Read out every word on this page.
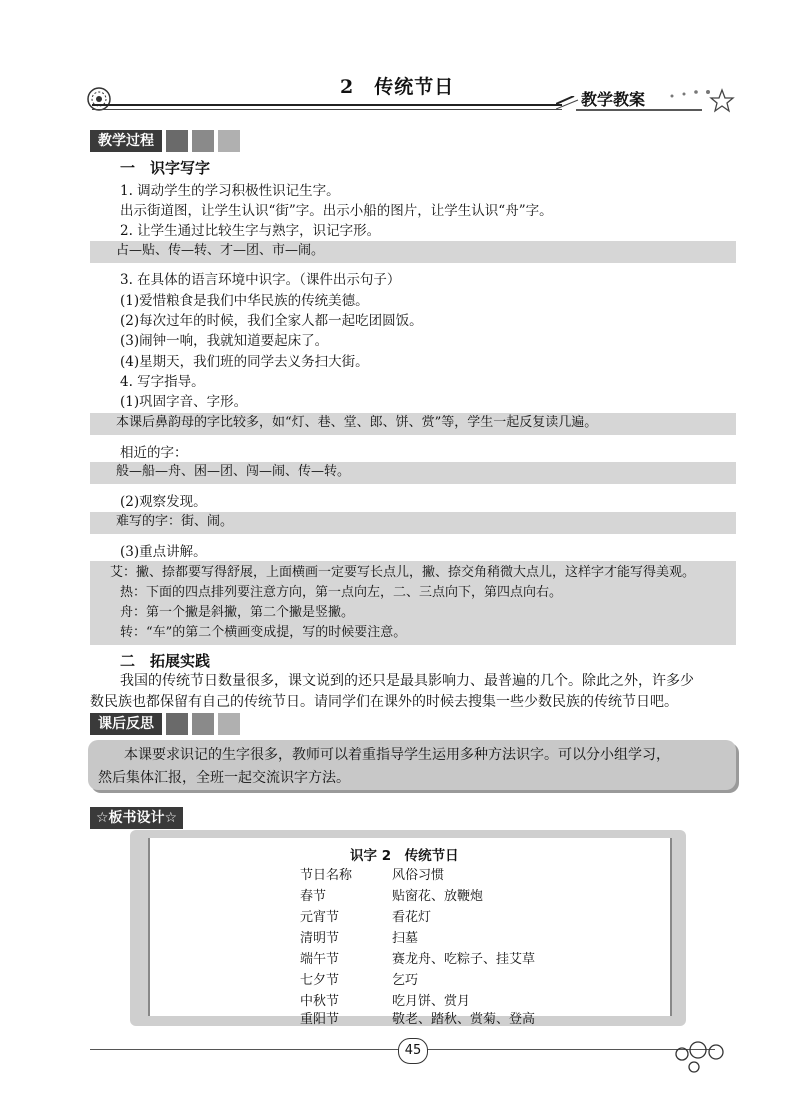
2　传统节日
教学教案
教学过程
一　识字写字
1. 调动学生的学习积极性识记生字。
出示街道图，让学生认识“街”字。出示小船的图片，让学生认识“舟”字。
2. 让学生通过比较生字与熟字，识记字形。
占—贴、传—转、才—团、市—闹。
3. 在具体的语言环境中识字。（课件出示句子）
(1)爱惜粮食是我们中华民族的传统美德。
(2)每次过年的时候，我们全家人都一起吃团圆饭。
(3)闹钟一响，我就知道要起床了。
(4)星期天，我们班的同学去义务扫大街。
4. 写字指导。
(1)巩固字音、字形。
本课后鼻韵母的字比较多，如“灯、巷、堂、郎、饼、赏”等，学生一起反复读几遍。
相近的字：
般—船—舟、困—团、闯—闹、传—转。
(2)观察发现。
难写的字：街、闹。
(3)重点讲解。
艾：撇、捺都要写得舒展，上面横画一定要写长点儿，撇、捺交角稍微大点儿，这样字才能写得美观。
热：下面的四点排列要注意方向，第一点向左，二、三点向下，第四点向右。
舟：第一个撇是斜撇，第二个撇是竖撇。
转：“车”的第二个横画变成提，写的时候要注意。
二　拓展实践
我国的传统节日数量很多，课文说到的还只是最具影响力、最普遍的几个。除此之外，许多少
数民族也都保留有自己的传统节日。请同学们在课外的时候去搜集一些少数民族的传统节日吧。
课后反思
本课要求识记的生字很多，教师可以着重指导学生运用多种方法识字。可以分小组学习，
然后集体汇报，全班一起交流识字方法。
☆板书设计☆
识字 2　传统节日
节日名称	风俗习惯
春节	贴窗花、放鞭炮
元宵节	看花灯
清明节	扫墓
端午节	赛龙舟、吃粽子、挂艾草
七夕节	乞巧
中秋节	吃月饼、赏月
重阳节	敬老、踏秋、赏菊、登高
45
